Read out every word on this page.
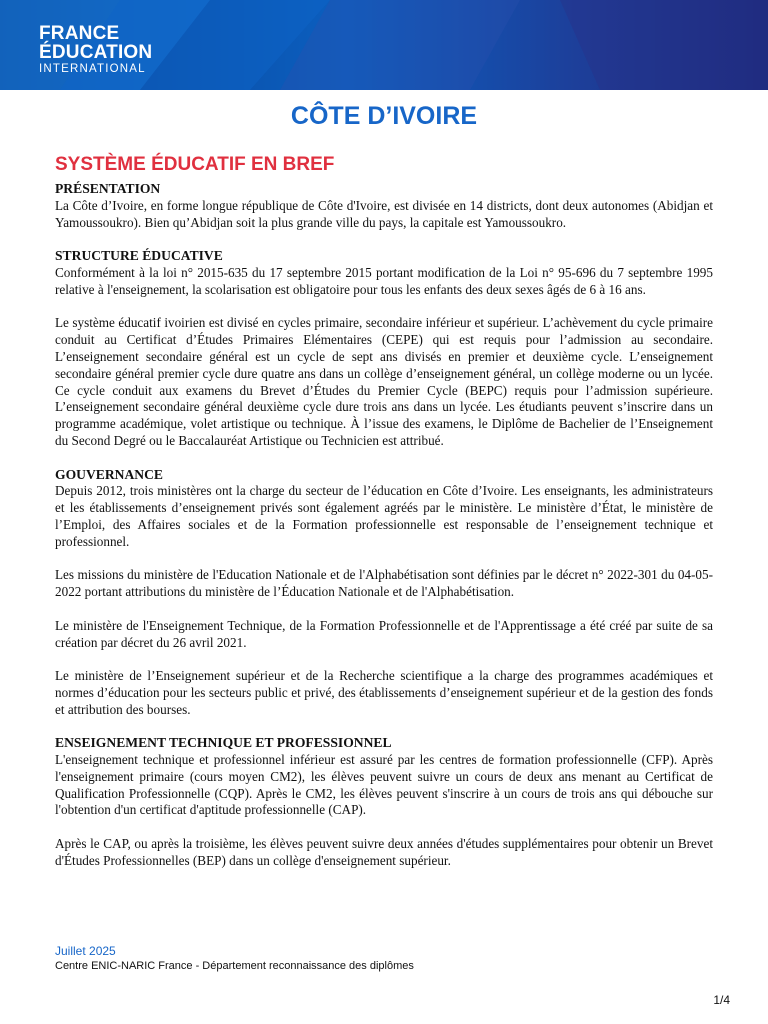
FRANCE
ÉDUCATION
INTERNATIONAL
CÔTE D’IVOIRE
SYSTÈME ÉDUCATIF EN BREF
PRÉSENTATION

La Côte d’Ivoire, en forme longue république de Côte d'Ivoire, est divisée en 14 districts, dont deux autonomes (Abidjan et Yamoussoukro). Bien qu’Abidjan soit la plus grande ville du pays, la capitale est Yamoussoukro.

STRUCTURE ÉDUCATIVE

Conformément à la loi n° 2015-635 du 17 septembre 2015 portant modification de la Loi n° 95-696 du 7 septembre 1995 relative à l'enseignement, la scolarisation est obligatoire pour tous les enfants des deux sexes âgés de 6 à 16 ans.

Le système éducatif ivoirien est divisé en cycles primaire, secondaire inférieur et supérieur. L’achèvement du cycle primaire conduit au Certificat d’Études Primaires Elémentaires (CEPE) qui est requis pour l’admission au secondaire. L’enseignement secondaire général est un cycle de sept ans divisés en premier et deuxième cycle. L’enseignement secondaire général premier cycle dure quatre ans dans un collège d’enseignement général, un collège moderne ou un lycée. Ce cycle conduit aux examens du Brevet d’Études du Premier Cycle (BEPC) requis pour l’admission supérieure. L’enseignement secondaire général deuxième cycle dure trois ans dans un lycée. Les étudiants peuvent s’inscrire dans un programme académique, volet artistique ou technique. À l’issue des examens, le Diplôme de Bachelier de l’Enseignement du Second Degré ou le Baccalauréat Artistique ou Technicien est attribué.

GOUVERNANCE

Depuis 2012, trois ministères ont la charge du secteur de l’éducation en Côte d’Ivoire. Les enseignants, les administrateurs et les établissements d’enseignement privés sont également agréés par le ministère. Le ministère d’État, le ministère de l’Emploi, des Affaires sociales et de la Formation professionnelle est responsable de l’enseignement technique et professionnel.

Les missions du ministère de l'Education Nationale et de l'Alphabétisation sont définies par le décret n° 2022-301 du 04-05-2022 portant attributions du ministère de l’Éducation Nationale et de l'Alphabétisation.

Le ministère de l'Enseignement Technique, de la Formation Professionnelle et de l'Apprentissage a été créé par suite de sa création par décret du 26 avril 2021.

Le ministère de l’Enseignement supérieur et de la Recherche scientifique a la charge des programmes académiques et normes d’éducation pour les secteurs public et privé, des établissements d’enseignement supérieur et de la gestion des fonds et attribution des bourses.

ENSEIGNEMENT TECHNIQUE ET PROFESSIONNEL

L'enseignement technique et professionnel inférieur est assuré par les centres de formation professionnelle (CFP). Après l'enseignement primaire (cours moyen CM2), les élèves peuvent suivre un cours de deux ans menant au Certificat de Qualification Professionnelle (CQP). Après le CM2, les élèves peuvent s'inscrire à un cours de trois ans qui débouche sur l'obtention d'un certificat d'aptitude professionnelle (CAP).

Après le CAP, ou après la troisième, les élèves peuvent suivre deux années d'études supplémentaires pour obtenir un Brevet d'Études Professionnelles (BEP) dans un collège d'enseignement supérieur.

Juillet 2025
Centre ENIC-NARIC France - Département reconnaissance des diplômes
1/4
